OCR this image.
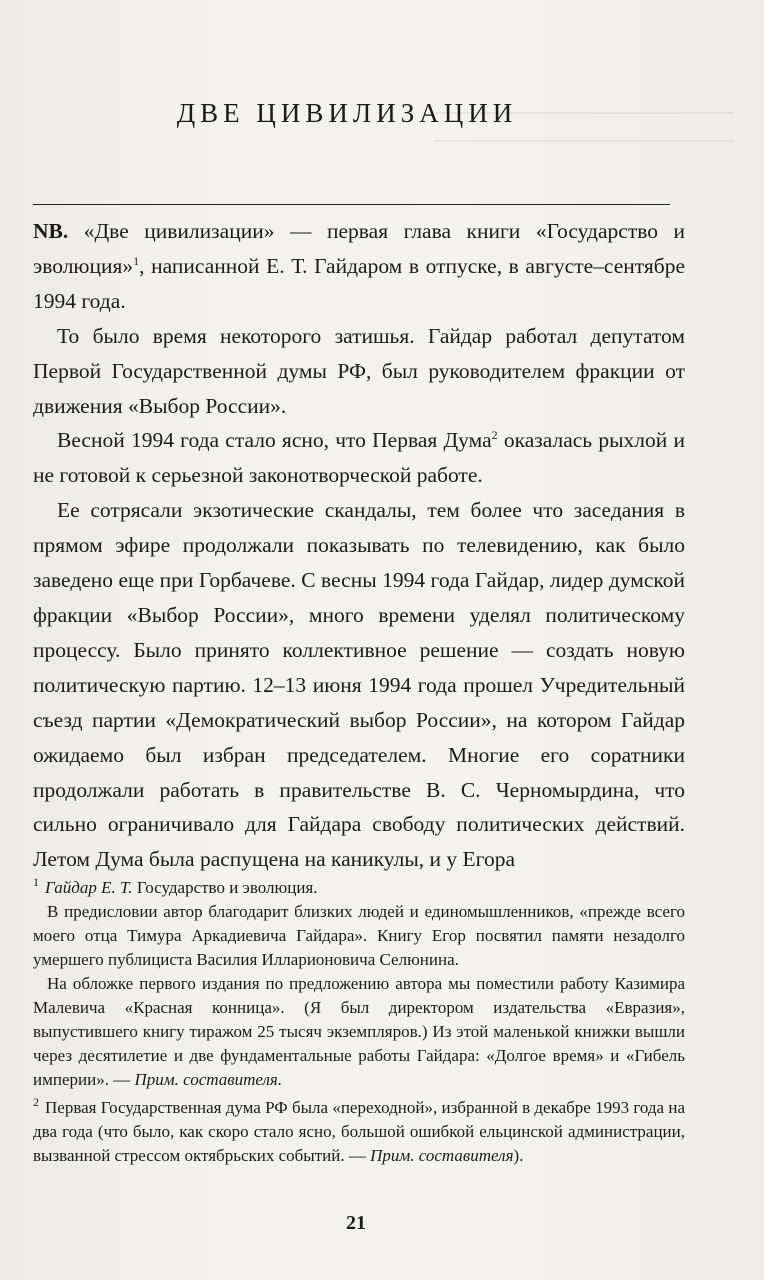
ДВЕ ЦИВИЛИЗАЦИИ

NB. «Две цивилизации» — первая глава книги «Государство и эволюция»$^1$, написанной Е. Т. Гайдаром в отпуске, в августе–сентябре 1994 года.

То было время некоторого затишья. Гайдар работал депутатом Первой Государственной думы РФ, был руководителем фракции от движения «Выбор России».

Весной 1994 года стало ясно, что Первая Дума$^2$ оказалась рыхлой и не готовой к серьезной законотворческой работе.

Ее сотрясали экзотические скандалы, тем более что заседания в прямом эфире продолжали показывать по телевидению, как было заведено еще при Горбачеве. С весны 1994 года Гайдар, лидер думской фракции «Выбор России», много времени уделял политическому процессу. Было принято коллективное решение — создать новую политическую партию. 12–13 июня 1994 года прошел Учредительный съезд партии «Демократический выбор России», на котором Гайдар ожидаемо был избран председателем. Многие его соратники продолжали работать в правительстве В. С. Черномырдина, что сильно ограничивало для Гайдара свободу политических действий. Летом Дума была распущена на каникулы, и у Егора

$^1$ Гайдар Е. Т. Государство и эволюция.

В предисловии автор благодарит близких людей и единомышленников, «прежде всего моего отца Тимура Аркадиевича Гайдара». Книгу Егор посвятил памяти незадолго умершего публициста Василия Илларионовича Селюнина.

На обложке первого издания по предложению автора мы поместили работу Казимира Малевича «Красная конница». (Я был директором издательства «Евразия», выпустившего книгу тиражом 25 тысяч экземпляров.) Из этой маленькой книжки вышли через десятилетие и две фундаментальные работы Гайдара: «Долгое время» и «Гибель империи». — Прим. составителя.

$^2$ Первая Государственная дума РФ была «переходной», избранной в декабре 1993 года на два года (что было, как скоро стало ясно, большой ошибкой ельцинской администрации, вызванной стрессом октябрьских событий. — Прим. составителя).

21
